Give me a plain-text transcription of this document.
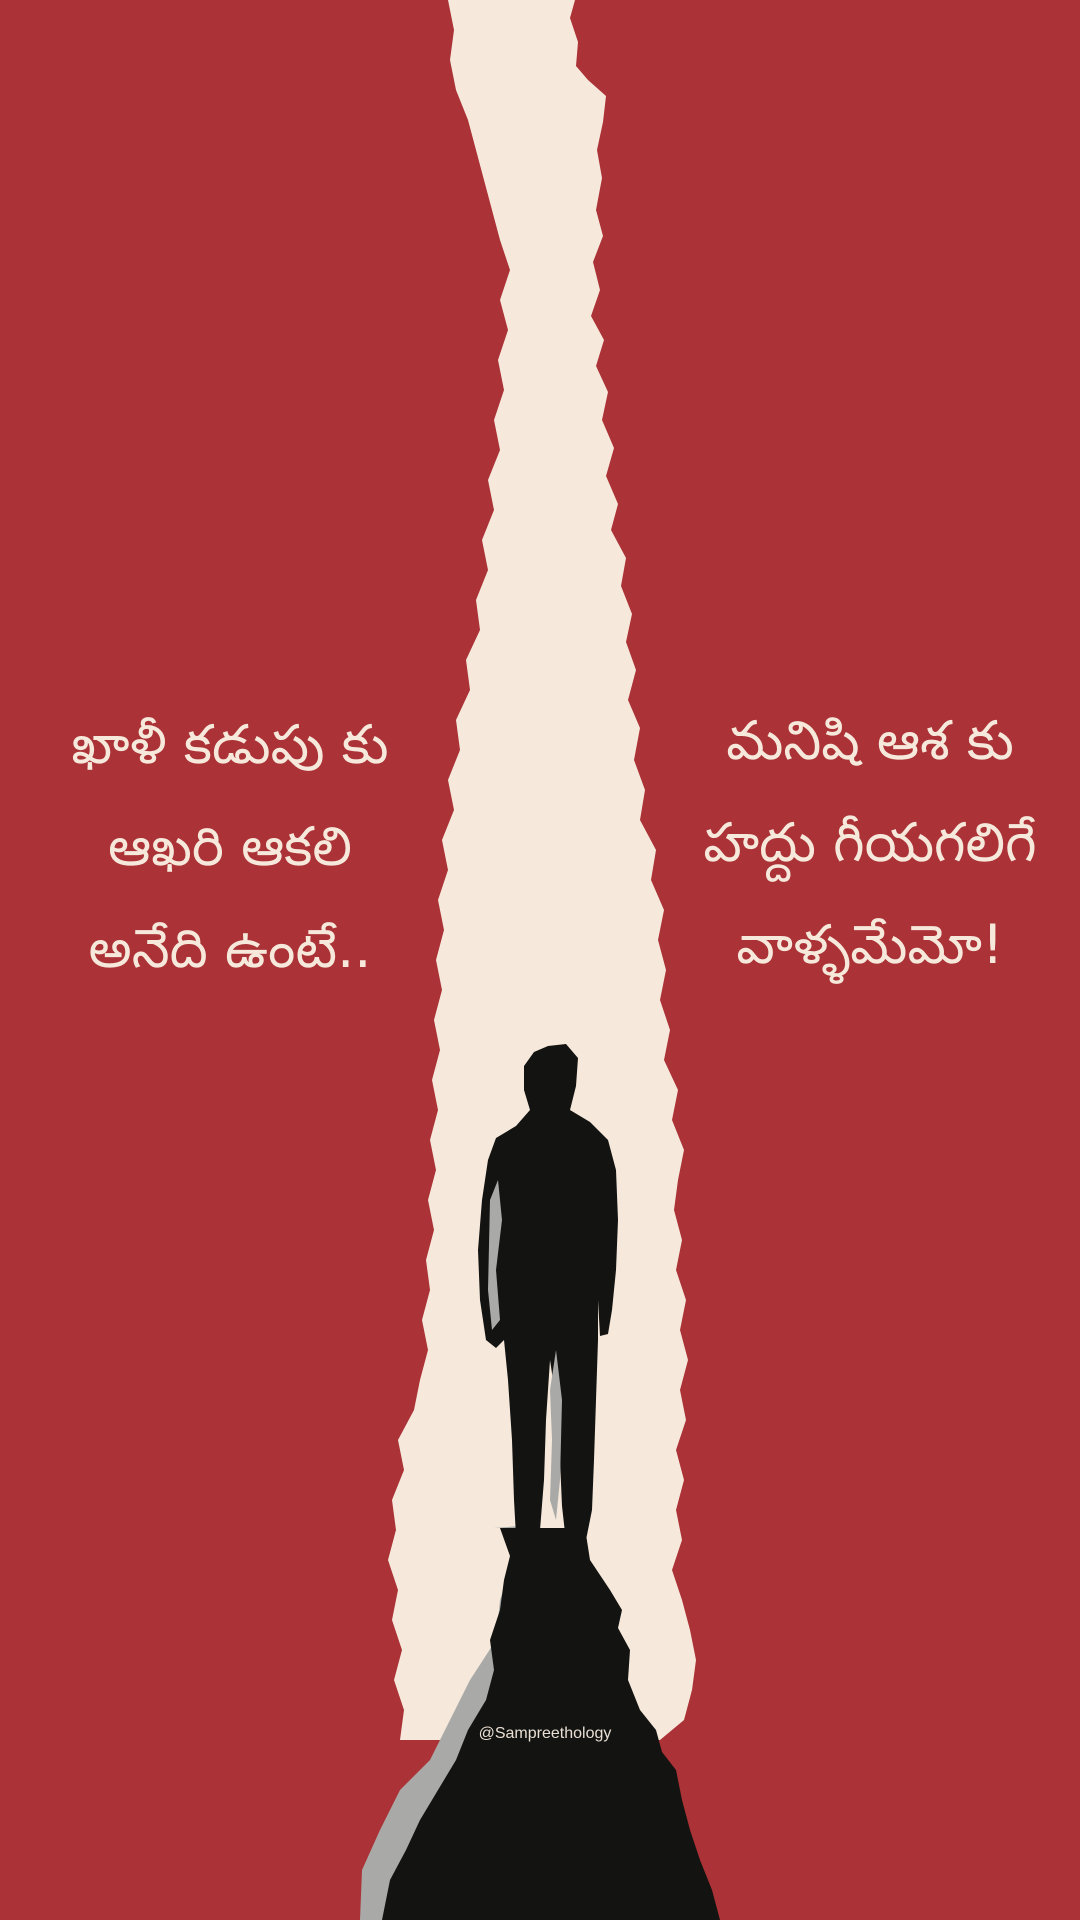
ఖాళీ కడుపు కు
ఆఖరి ఆకలి
అనేది ఉంటే..
మనిషి ఆశ కు
హద్దు గీయగలిగే
వాళ్ళమేమో!
@Sampreethology
